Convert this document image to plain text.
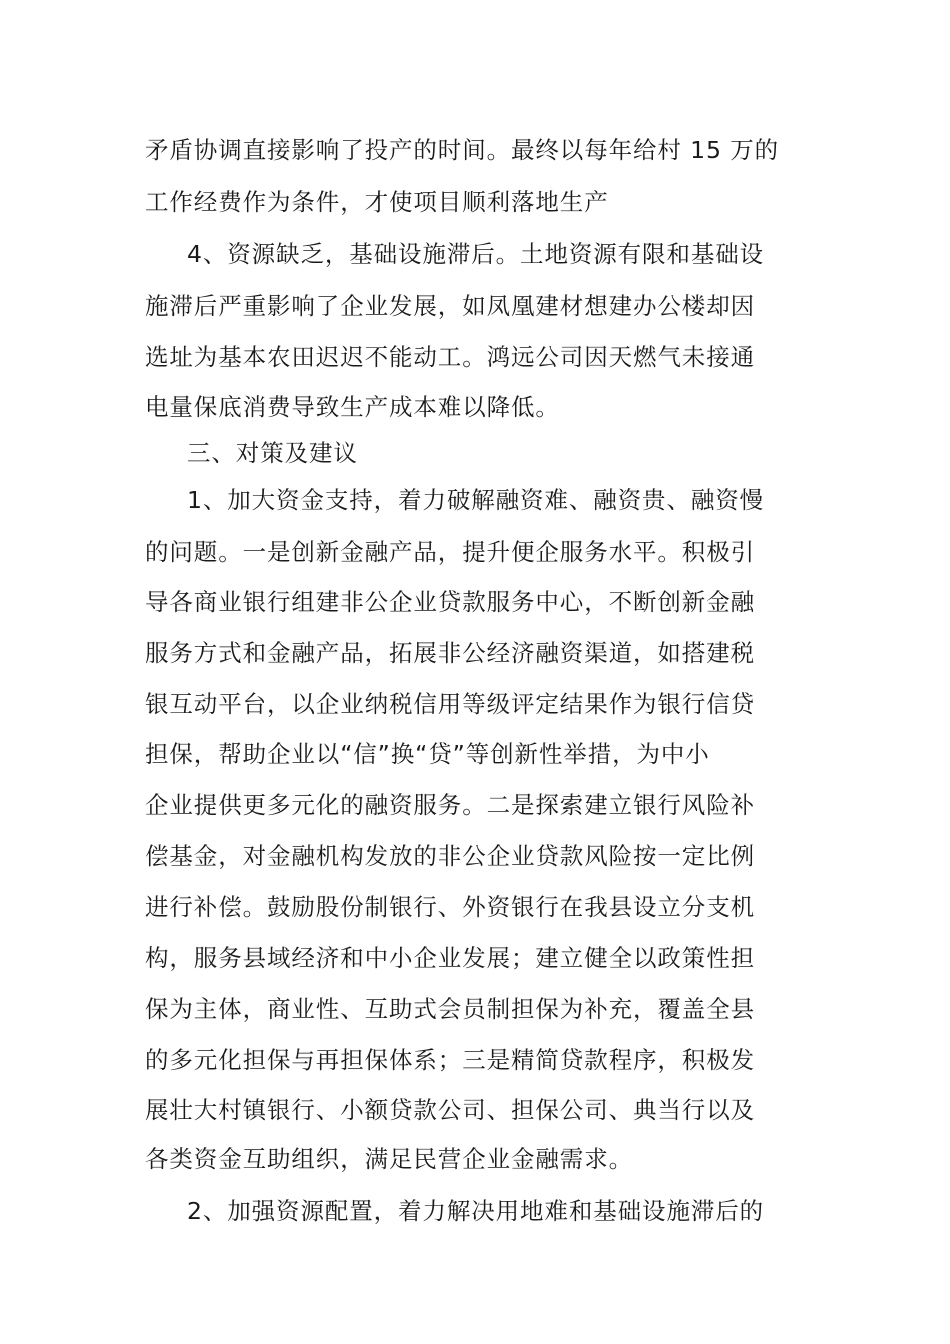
矛盾协调直接影响了投产的时间。最终以每年给村 15 万的
工作经费作为条件，才使项目顺利落地生产
4、资源缺乏，基础设施滞后。土地资源有限和基础设
施滞后严重影响了企业发展，如凤凰建材想建办公楼却因
选址为基本农田迟迟不能动工。鸿远公司因天燃气未接通
电量保底消费导致生产成本难以降低。
三、对策及建议
1、加大资金支持，着力破解融资难、融资贵、融资慢
的问题。一是创新金融产品，提升便企服务水平。积极引
导各商业银行组建非公企业贷款服务中心，不断创新金融
服务方式和金融产品，拓展非公经济融资渠道，如搭建税
银互动平台，以企业纳税信用等级评定结果作为银行信贷
担保，帮助企业以“信”换“贷”等创新性举措，为中小
企业提供更多元化的融资服务。二是探索建立银行风险补
偿基金，对金融机构发放的非公企业贷款风险按一定比例
进行补偿。鼓励股份制银行、外资银行在我县设立分支机
构，服务县域经济和中小企业发展；建立健全以政策性担
保为主体，商业性、互助式会员制担保为补充，覆盖全县
的多元化担保与再担保体系；三是精简贷款程序，积极发
展壮大村镇银行、小额贷款公司、担保公司、典当行以及
各类资金互助组织，满足民营企业金融需求。
2、加强资源配置，着力解决用地难和基础设施滞后的
